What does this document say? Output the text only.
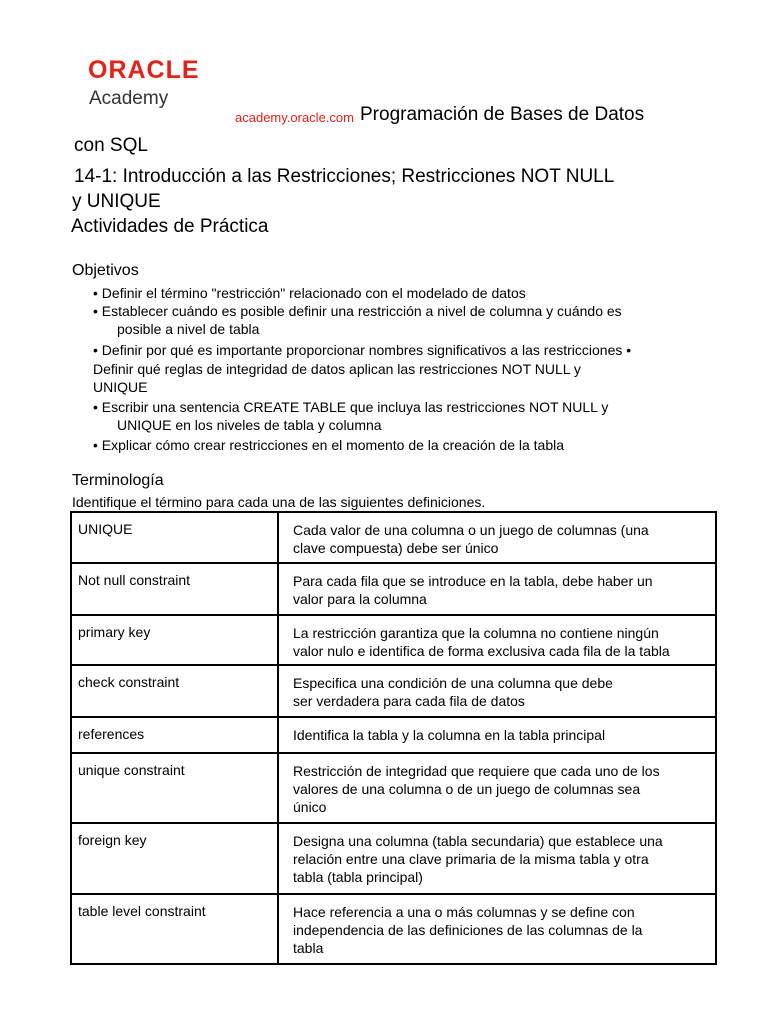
ORACLE
Academy
academy.oracle.com Programación de Bases de Datos
con SQL
14-1: Introducción a las Restricciones; Restricciones NOT NULL
y UNIQUE
Actividades de Práctica
Objetivos
• Definir el término "restricción" relacionado con el modelado de datos
• Establecer cuándo es posible definir una restricción a nivel de columna y cuándo es
posible a nivel de tabla
• Definir por qué es importante proporcionar nombres significativos a las restricciones •
Definir qué reglas de integridad de datos aplican las restricciones NOT NULL y
UNIQUE
• Escribir una sentencia CREATE TABLE que incluya las restricciones NOT NULL y
UNIQUE en los niveles de tabla y columna
• Explicar cómo crear restricciones en el momento de la creación de la tabla
Terminología
Identifique el término para cada una de las siguientes definiciones.
UNIQUE	Cada valor de una columna o un juego de columnas (una
clave compuesta) debe ser único

Not null constraint	Para cada fila que se introduce en la tabla, debe haber un
valor para la columna

primary key	La restricción garantiza que la columna no contiene ningún
valor nulo e identifica de forma exclusiva cada fila de la tabla

check constraint	Especifica una condición de una columna que debe
ser verdadera para cada fila de datos

references	Identifica la tabla y la columna en la tabla principal

unique constraint	Restricción de integridad que requiere que cada uno de los
valores de una columna o de un juego de columnas sea
único

foreign key	Designa una columna (tabla secundaria) que establece una
relación entre una clave primaria de la misma tabla y otra
tabla (tabla principal)

table level constraint	Hace referencia a una o más columnas y se define con
independencia de las definiciones de las columnas de la
tabla
